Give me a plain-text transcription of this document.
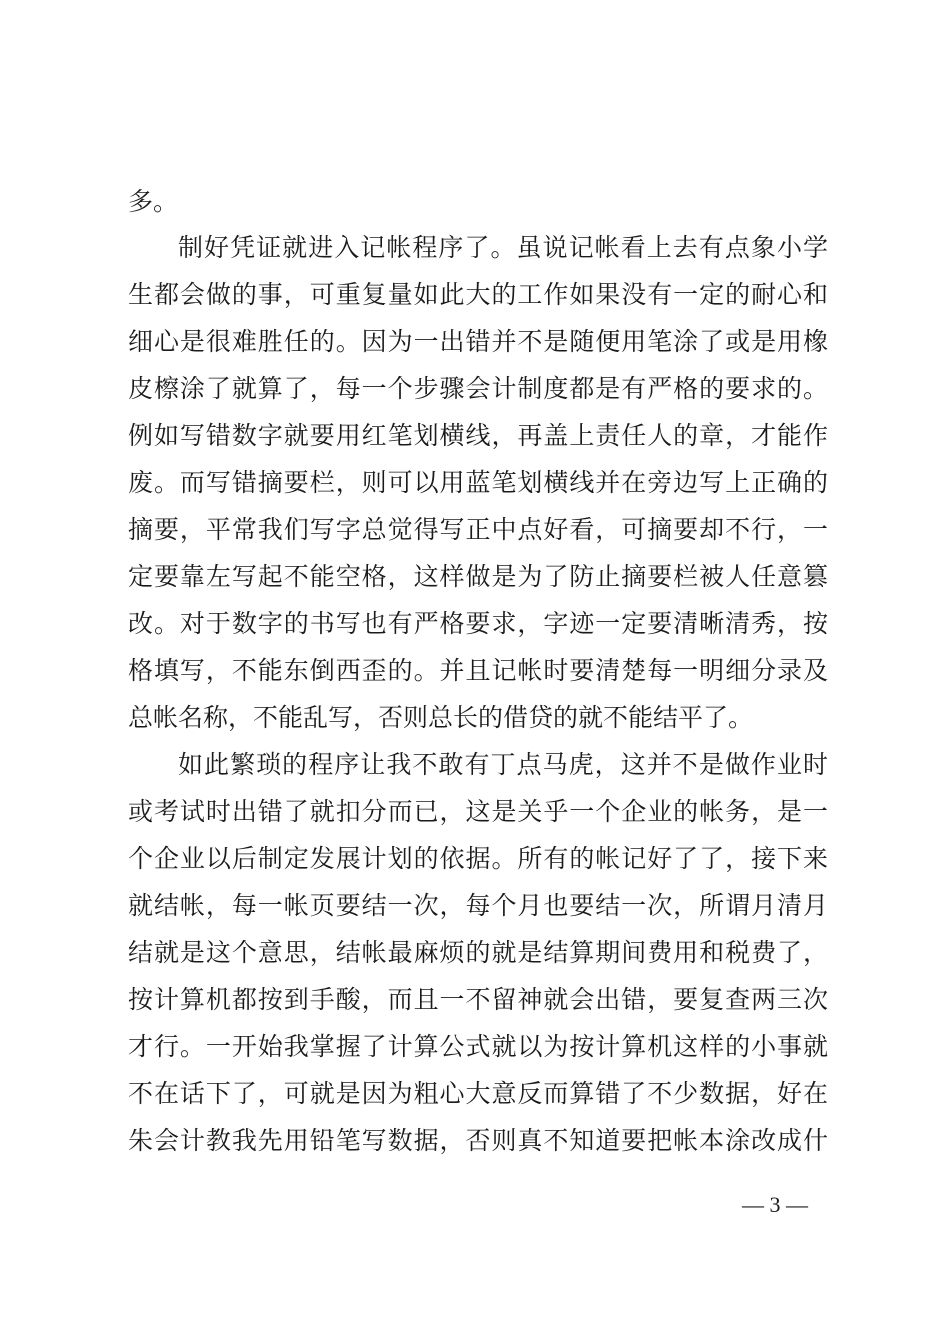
多。
制好凭证就进入记帐程序了。虽说记帐看上去有点象小学
生都会做的事，可重复量如此大的工作如果没有一定的耐心和
细心是很难胜任的。因为一出错并不是随便用笔涂了或是用橡
皮檫涂了就算了，每一个步骤会计制度都是有严格的要求的。
例如写错数字就要用红笔划横线，再盖上责任人的章，才能作
废。而写错摘要栏，则可以用蓝笔划横线并在旁边写上正确的
摘要，平常我们写字总觉得写正中点好看，可摘要却不行，一
定要靠左写起不能空格，这样做是为了防止摘要栏被人任意篡
改。对于数字的书写也有严格要求，字迹一定要清晰清秀，按
格填写，不能东倒西歪的。并且记帐时要清楚每一明细分录及
总帐名称，不能乱写，否则总长的借贷的就不能结平了。
如此繁琐的程序让我不敢有丁点马虎，这并不是做作业时
或考试时出错了就扣分而已，这是关乎一个企业的帐务，是一
个企业以后制定发展计划的依据。所有的帐记好了了，接下来
就结帐，每一帐页要结一次，每个月也要结一次，所谓月清月
结就是这个意思，结帐最麻烦的就是结算期间费用和税费了，
按计算机都按到手酸，而且一不留神就会出错，要复查两三次
才行。一开始我掌握了计算公式就以为按计算机这样的小事就
不在话下了，可就是因为粗心大意反而算错了不少数据，好在
朱会计教我先用铅笔写数据，否则真不知道要把帐本涂改成什
— 3 —
